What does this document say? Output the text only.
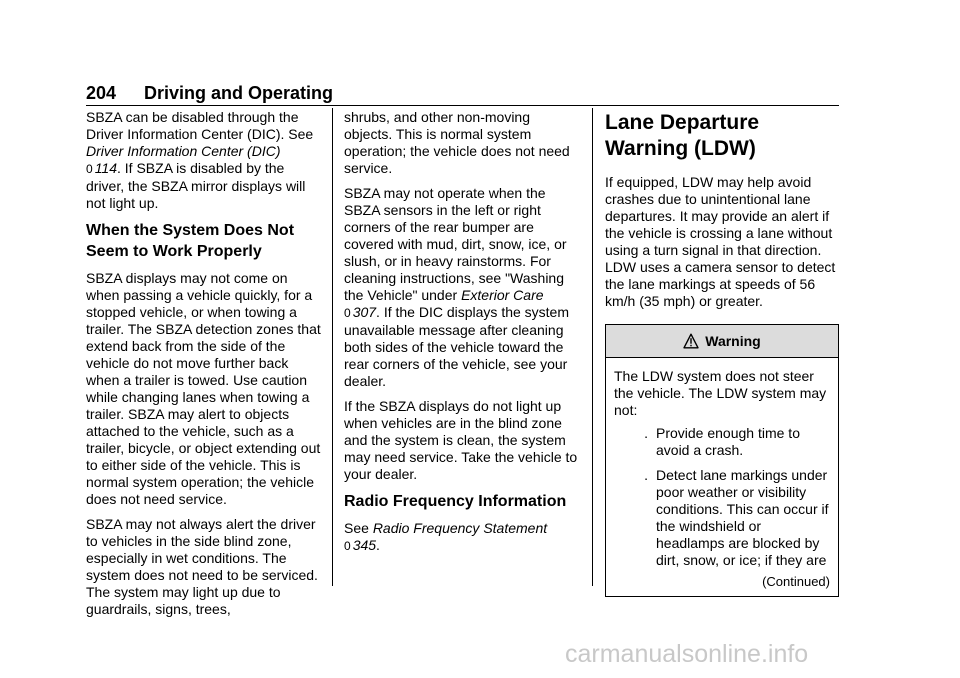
204 Driving and Operating

SBZA can be disabled through the Driver Information Center (DIC). See Driver Information Center (DIC)
0 114. If SBZA is disabled by the driver, the SBZA mirror displays will not light up.

When the System Does Not Seem to Work Properly

SBZA displays may not come on when passing a vehicle quickly, for a stopped vehicle, or when towing a trailer. The SBZA detection zones that extend back from the side of the vehicle do not move further back when a trailer is towed. Use caution while changing lanes when towing a trailer. SBZA may alert to objects attached to the vehicle, such as a trailer, bicycle, or object extending out to either side of the vehicle. This is normal system operation; the vehicle does not need service.

SBZA may not always alert the driver to vehicles in the side blind zone, especially in wet conditions. The system does not need to be serviced. The system may light up due to guardrails, signs, trees,

shrubs, and other non-moving objects. This is normal system operation; the vehicle does not need service.

SBZA may not operate when the SBZA sensors in the left or right corners of the rear bumper are covered with mud, dirt, snow, ice, or slush, or in heavy rainstorms. For cleaning instructions, see "Washing the Vehicle" under Exterior Care
0 307. If the DIC displays the system unavailable message after cleaning both sides of the vehicle toward the rear corners of the vehicle, see your dealer.

If the SBZA displays do not light up when vehicles are in the blind zone and the system is clean, the system may need service. Take the vehicle to your dealer.

Radio Frequency Information

See Radio Frequency Statement
0 345.

Lane Departure Warning (LDW)

If equipped, LDW may help avoid crashes due to unintentional lane departures. It may provide an alert if the vehicle is crossing a lane without using a turn signal in that direction. LDW uses a camera sensor to detect the lane markings at speeds of 56 km/h (35 mph) or greater.

Warning

The LDW system does not steer the vehicle. The LDW system may not:

. Provide enough time to avoid a crash.
. Detect lane markings under poor weather or visibility conditions. This can occur if the windshield or headlamps are blocked by dirt, snow, or ice; if they are
(Continued)
carmanualsonline.info
